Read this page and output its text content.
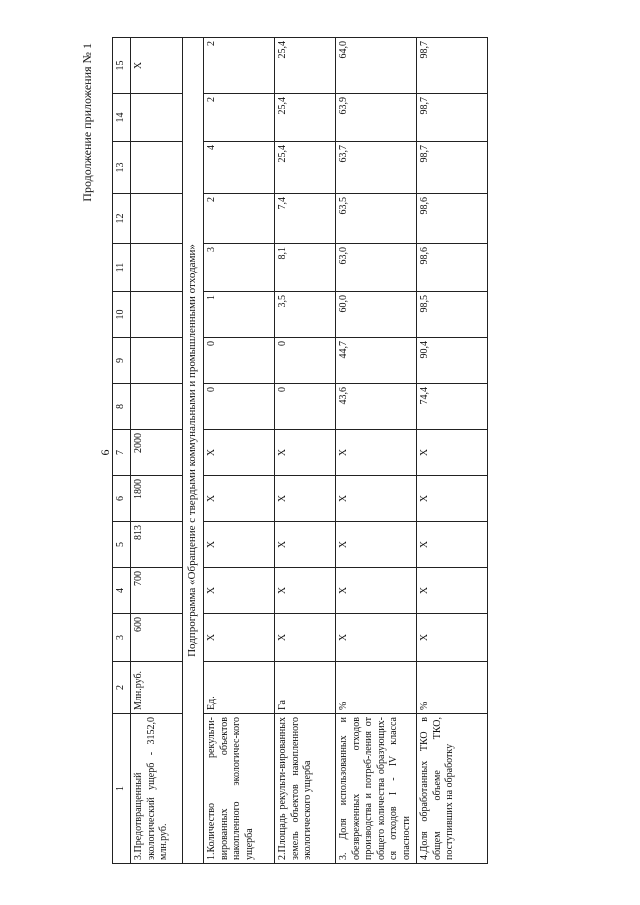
6
Продолжение приложения № 1
1	2	3	4	5	6	7	8	9	10	11	12	13	14	15
3.Предотвращенный экологический ущерб - 3152,0 млн.руб.	Млн.руб.	600	700	813	1800	2000								X
Подпрограмма «Обращение с твердыми коммунальными и промышленными отходами»														
1.Количество рекульти-вированных объектов накопленного экологичес-кого ущерба	Ед.	X	X	X	X	X	0	0	1	3	2	4	2	2
2.Площадь рекульти-вированных земель объектов накопленного экологического ущерба	Га	X	X	X	X	X	0	0	3,5	8,1	7,4	25,4	25,4	25,4
3. Доля использованных и обезвреженных отходов производства и потреб-ления от общего количества образующих-ся отходов I - IV класса опасности	%	X	X	X	X	X	43,6	44,7	60,0	63,0	63,5	63,7	63,9	64,0
4.Доля обработанных ТКО в общем объеме ТКО, поступивших на обработку	%	X	X	X	X	X	74,4	90,4	98,5	98,6	98,6	98,7	98,7	98,7
